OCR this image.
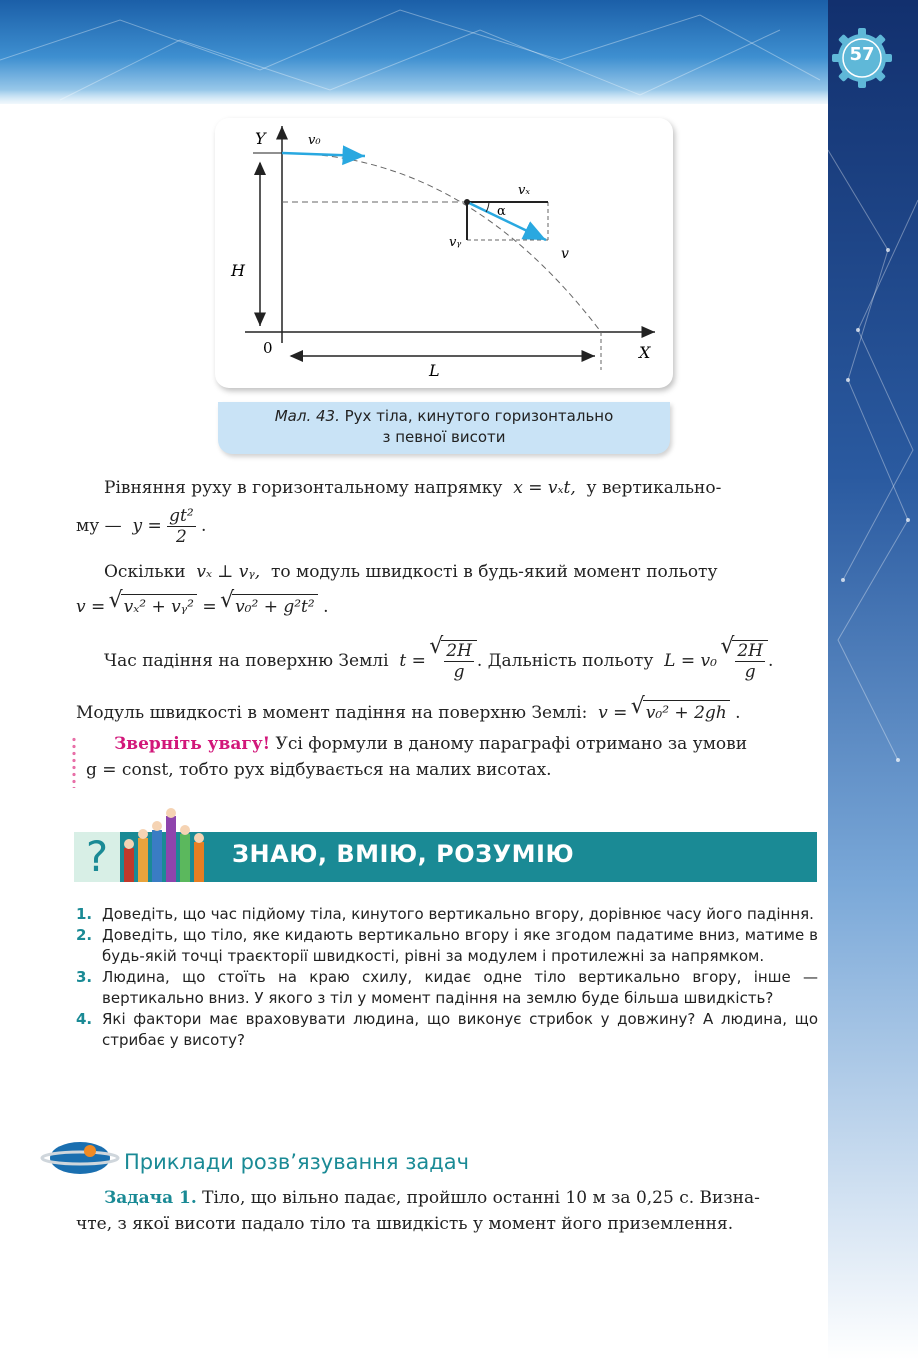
57
Y
X
0
H
L
v₀
vₓ
vᵧ
v
α
Мал. 43. Рух тіла, кинутого горизонтально
з певної висоти
Рівняння руху в горизонтальному напрямку x = vₓt, у вертикально-
му — $y = \frac{\text{gt²}}{2}$ .
Оскільки vₓ ⊥ vᵧ, то модуль швидкості в будь-який момент польоту
v = √ vₓ² + vᵧ² = √ v₀² + g²t² .
Час падіння на поверхню Землі t = √ $\frac{2H}{g}$ . Дальність польоту L = v₀ √ $\frac{2H}{g}$ .
Модуль швидкості в момент падіння на поверхню Землі: v = √ v₀² + 2gh .
Зверніть увагу! Усі формули в даному параграфі отримано за умови
g = const, тобто рух відбувається на малих висотах.
?	ЗНАЮ, ВМІЮ, РОЗУМІЮ
1. Доведіть, що час підйому тіла, кинутого вертикально вгору, дорівнює часу його падіння.
2. Доведіть, що тіло, яке кидають вертикально вгору і яке згодом падатиме вниз, матиме в будь-якій точці траєкторії швидкості, рівні за модулем і протилежні за напрямком.
3. Людина, що стоїть на краю схилу, кидає одне тіло вертикально вгору, інше — вертикально вниз. У якого з тіл у момент падіння на землю буде більша швидкість?
4. Які фактори має враховувати людина, що виконує стрибок у довжину? А людина, що стрибає у висоту?
Приклади розв’язування задач
Задача 1. Тіло, що вільно падає, пройшло останні 10 м за 0,25 с. Визна-
чте, з якої висоти падало тіло та швидкість у момент його приземлення.
